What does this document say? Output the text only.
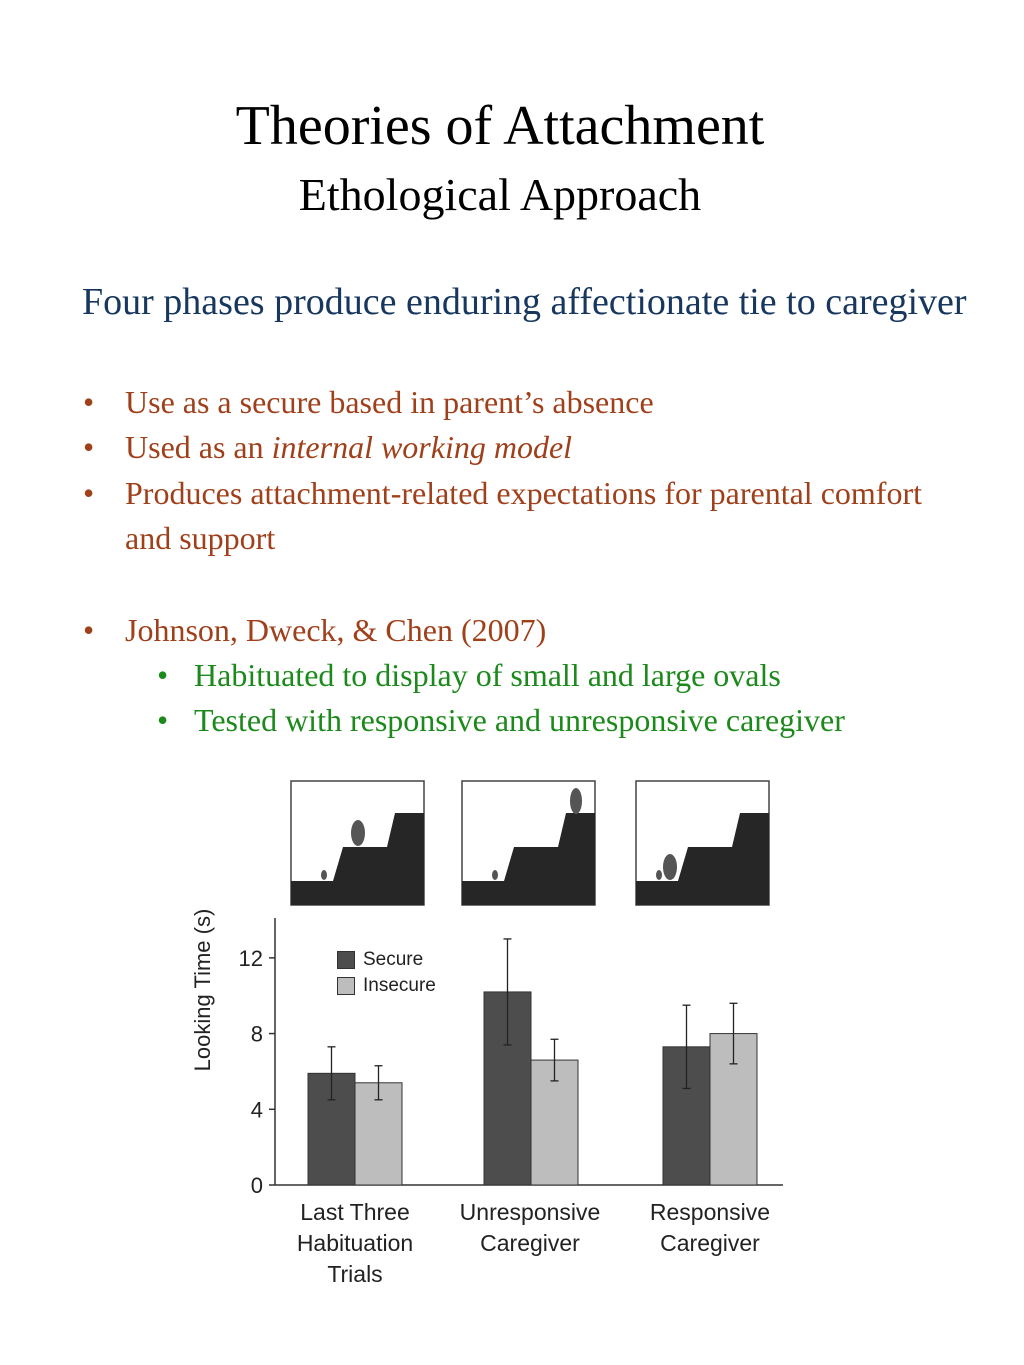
Theories of Attachment
Ethological Approach
Four phases produce enduring affectionate tie to caregiver
• Use as a secure based in parent’s absence
• Used as an internal working model
• Produces attachment-related expectations for parental comfort and support
• Johnson, Dweck, & Chen (2007)
• Habituated to display of small and large ovals
• Tested with responsive and unresponsive caregiver
0
4
8
12
Looking Time (s)	Secure
Insecure
Last Three
Habituation
Trials
Unresponsive
Caregiver
Responsive
Caregiver
